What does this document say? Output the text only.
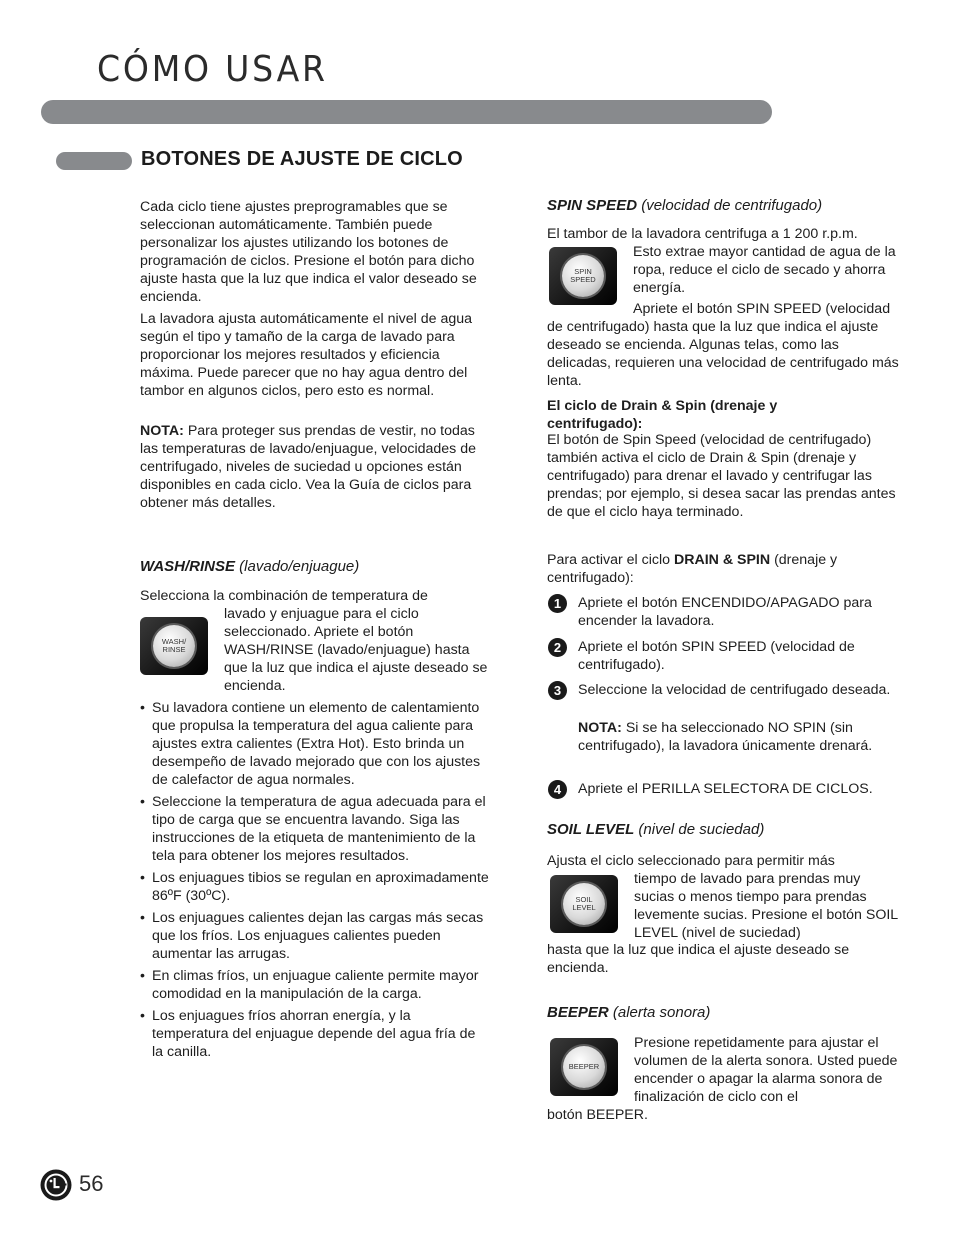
CÓMO USAR
BOTONES DE AJUSTE DE CICLO

Cada ciclo tiene ajustes preprogramables que se seleccionan automáticamente. También puede personalizar los ajustes utilizando los botones de programación de ciclos. Presione el botón para dicho ajuste hasta que la luz que indica el valor deseado se encienda.

La lavadora ajusta automáticamente el nivel de agua según el tipo y tamaño de la carga de lavado para proporcionar los mejores resultados y eficiencia máxima. Puede parecer que no hay agua dentro del tambor en algunos ciclos, pero esto es normal.

NOTA: Para proteger sus prendas de vestir, no todas las temperaturas de lavado/enjuague, velocidades de centrifugado, niveles de suciedad u opciones están disponibles en cada ciclo. Vea la Guía de ciclos para obtener más detalles.

WASH/RINSE (lavado/enjuague)

Selecciona la combinación de temperatura de

WASH/ RINSE

lavado y enjuague para el ciclo seleccionado. Apriete el botón WASH/RINSE (lavado/enjuague) hasta que la luz que indica el ajuste deseado se encienda.

• Su lavadora contiene un elemento de calentamiento que propulsa la temperatura del agua caliente para ajustes extra calientes (Extra Hot). Esto brinda un desempeño de lavado mejorado que con los ajustes de calefactor de agua normales.
• Seleccione la temperatura de agua adecuada para el tipo de carga que se encuentra lavando. Siga las instrucciones de la etiqueta de mantenimiento de la tela para obtener los mejores resultados.
• Los enjuagues tibios se regulan en aproximadamente 86ºF (30ºC).
• Los enjuagues calientes dejan las cargas más secas que los fríos. Los enjuagues calientes pueden aumentar las arrugas.
• En climas fríos, un enjuague caliente permite mayor comodidad en la manipulación de la carga.
• Los enjuagues fríos ahorran energía, y la temperatura del enjuague depende del agua fría de la canilla.

SPIN SPEED (velocidad de centrifugado)

El tambor de la lavadora centrifuga a 1 200 r.p.m.

SPIN SPEED

Esto extrae mayor cantidad de agua de la ropa, reduce el ciclo de secado y ahorra energía.

Apriete el botón SPIN SPEED (velocidad de centrifugado) hasta que la luz que indica el ajuste deseado se encienda. Algunas telas, como las delicadas, requieren una velocidad de centrifugado más lenta.

El ciclo de Drain & Spin (drenaje y centrifugado):

El botón de Spin Speed (velocidad de centrifugado) también activa el ciclo de Drain & Spin (drenaje y centrifugado) para drenar el lavado y centrifugar las prendas; por ejemplo, si desea sacar las prendas antes de que el ciclo haya terminado.

Para activar el ciclo DRAIN & SPIN (drenaje y centrifugado):

1	Apriete el botón ENCENDIDO/APAGADO para encender la lavadora.

2	Apriete el botón SPIN SPEED (velocidad de centrifugado).

3	Seleccione la velocidad de centrifugado deseada.

NOTA: Si se ha seleccionado NO SPIN (sin centrifugado), la lavadora únicamente drenará.

4	Apriete el PERILLA SELECTORA DE CICLOS.

SOIL LEVEL (nivel de suciedad)

Ajusta el ciclo seleccionado para permitir más

SOIL LEVEL

tiempo de lavado para prendas muy sucias o menos tiempo para prendas levemente sucias. Presione el botón SOIL LEVEL (nivel de suciedad)

hasta que la luz que indica el ajuste deseado se encienda.

BEEPER (alerta sonora)

BEEPER

Presione repetidamente para ajustar el volumen de la alerta sonora. Usted puede encender o apagar la alarma sonora de finalización de ciclo con el

botón BEEPER.

56
